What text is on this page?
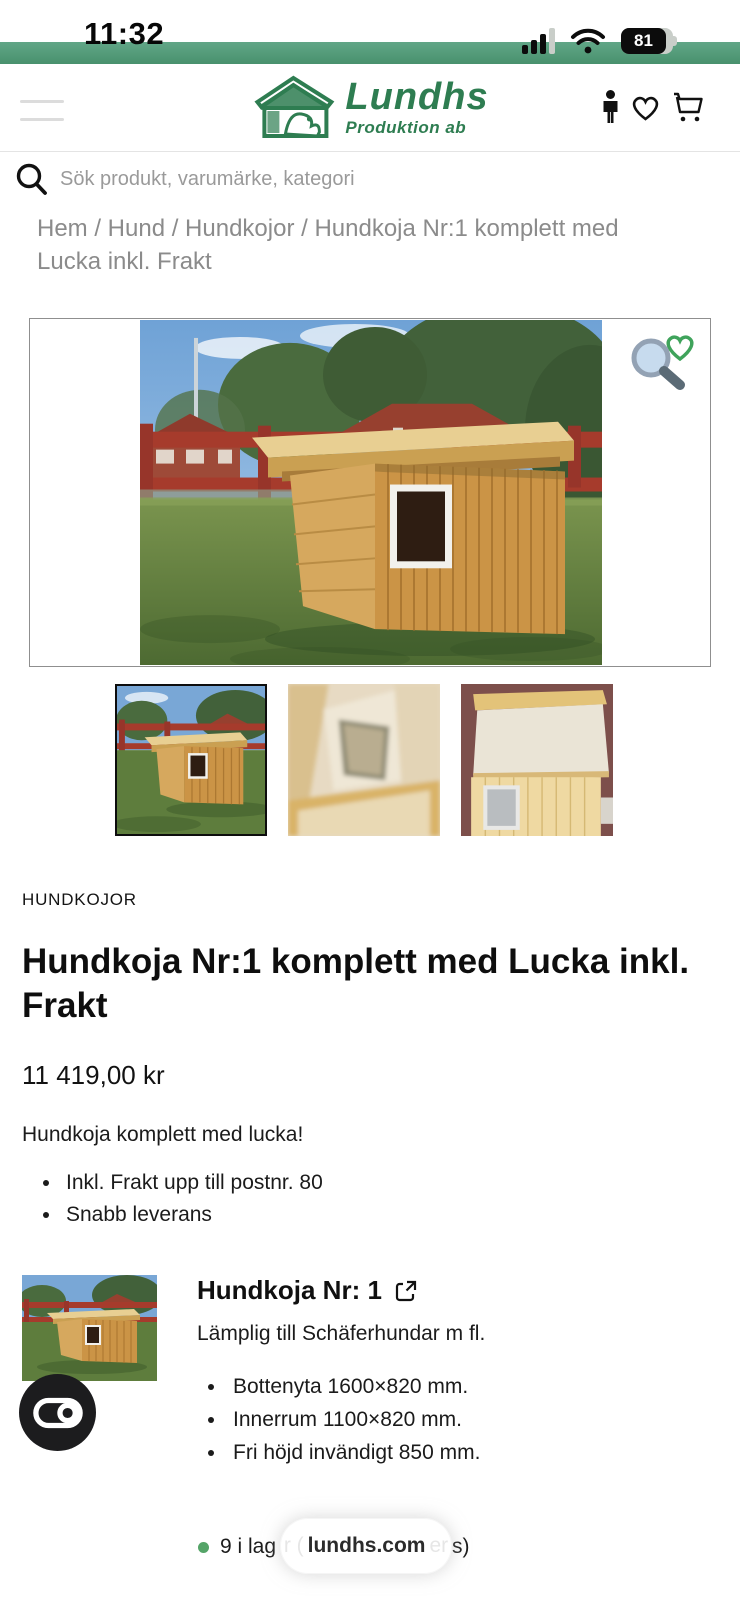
11:32	81
Lundhs
Produktion ab
Sök produkt, varumärke, kategori
Hem / Hund / Hundkojor / Hundkoja Nr:1 komplett med Lucka inkl. Frakt
HUNDKOJOR
Hundkoja Nr:1 komplett med Lucka inkl. Frakt
11 419,00 kr
Hundkoja komplett med lucka!
• Inkl. Frakt upp till postnr. 80
• Snabb leverans
Hundkoja Nr: 1
Lämplig till Schäferhundar m fl.
• Bottenyta 1600×820 mm.
• Innerrum 1100×820 mm.
• Fri höjd invändigt 850 mm.
9 i lag	s)
r ( lundhs.com er
